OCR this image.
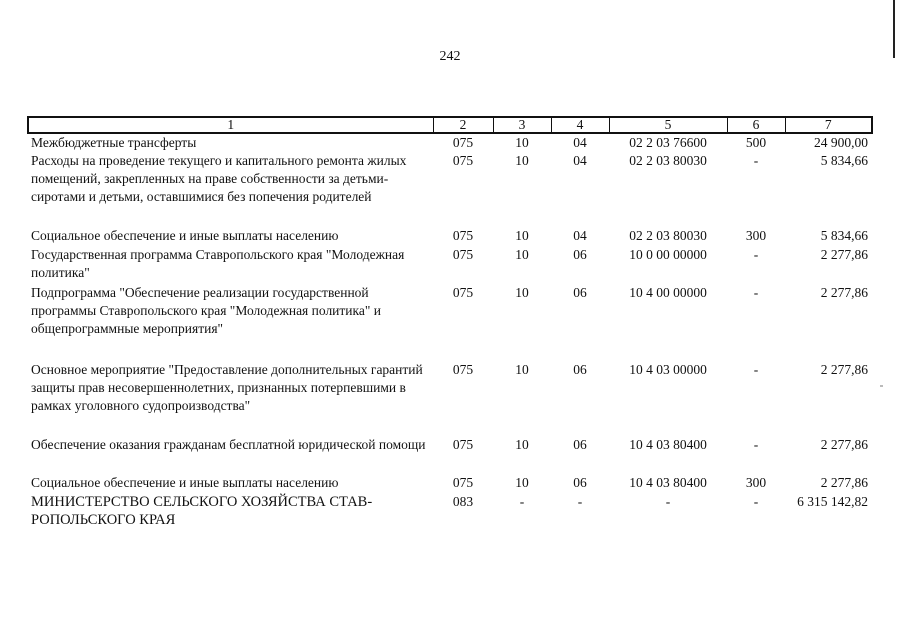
242
1	2	3	4	5	6	7
Межбюджетные трансферты	075	10	04	02 2 03 76600	500	24 900,00
Расходы на проведение текущего и капитального ремонта жилых помещений, закрепленных на праве собственности за детьми-сиротами и детьми, оставшимися без попечения родителей	075	10	04	02 2 03 80030	-	5 834,66
Социальное обеспечение и иные выплаты населению	075	10	04	02 2 03 80030	300	5 834,66
Государственная программа Ставропольского края "Молодежная политика"	075	10	06	10 0 00 00000	-	2 277,86
Подпрограмма "Обеспечение реализации государственной программы Ставропольского края "Молодежная политика" и общепрограммные мероприятия"	075	10	06	10 4 00 00000	-	2 277,86
Основное мероприятие "Предоставление дополнительных гарантий защиты прав несовершеннолетних, признанных потерпевшими в рамках уголовного судопроизводства"	075	10	06	10 4 03 00000	-	2 277,86
Обеспечение оказания гражданам бесплатной юридической помощи	075	10	06	10 4 03 80400	-	2 277,86
Социальное обеспечение и иные выплаты населению	075	10	06	10 4 03 80400	300	2 277,86
МИНИСТЕРСТВО СЕЛЬСКОГО ХОЗЯЙСТВА СТАВ-РОПОЛЬСКОГО КРАЯ	083	-	-	-	-	6 315 142,82
